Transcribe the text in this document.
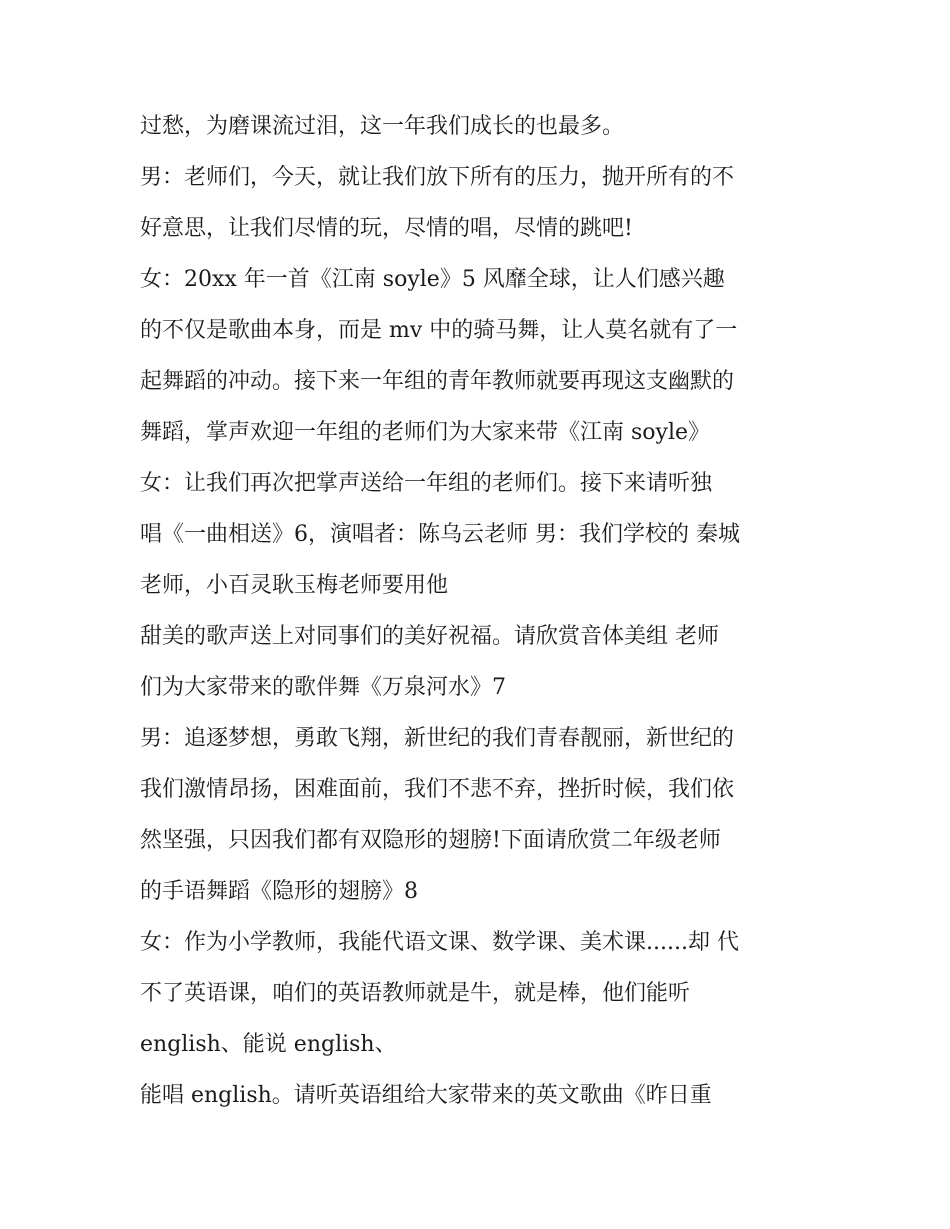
过愁，为磨课流过泪，这一年我们成长的也最多。
男：老师们，今天，就让我们放下所有的压力，抛开所有的不
好意思，让我们尽情的玩，尽情的唱，尽情的跳吧!
女：20xx 年一首《江南 soyle》5 风靡全球，让人们感兴趣
的不仅是歌曲本身，而是 mv 中的骑马舞，让人莫名就有了一
起舞蹈的冲动。接下来一年组的青年教师就要再现这支幽默的
舞蹈，掌声欢迎一年组的老师们为大家来带《江南 soyle》
女：让我们再次把掌声送给一年组的老师们。接下来请听独
唱《一曲相送》6，演唱者：陈乌云老师 男：我们学校的 秦城
老师，小百灵耿玉梅老师要用他
甜美的歌声送上对同事们的美好祝福。请欣赏音体美组 老师
们为大家带来的歌伴舞《万泉河水》7
男：追逐梦想，勇敢飞翔，新世纪的我们青春靓丽，新世纪的
我们激情昂扬，困难面前，我们不悲不弃，挫折时候，我们依
然坚强，只因我们都有双隐形的翅膀!下面请欣赏二年级老师
的手语舞蹈《隐形的翅膀》8
女：作为小学教师，我能代语文课、数学课、美术课......却 代
不了英语课，咱们的英语教师就是牛，就是棒，他们能听
english、能说 english、
能唱 english。请听英语组给大家带来的英文歌曲《昨日重
